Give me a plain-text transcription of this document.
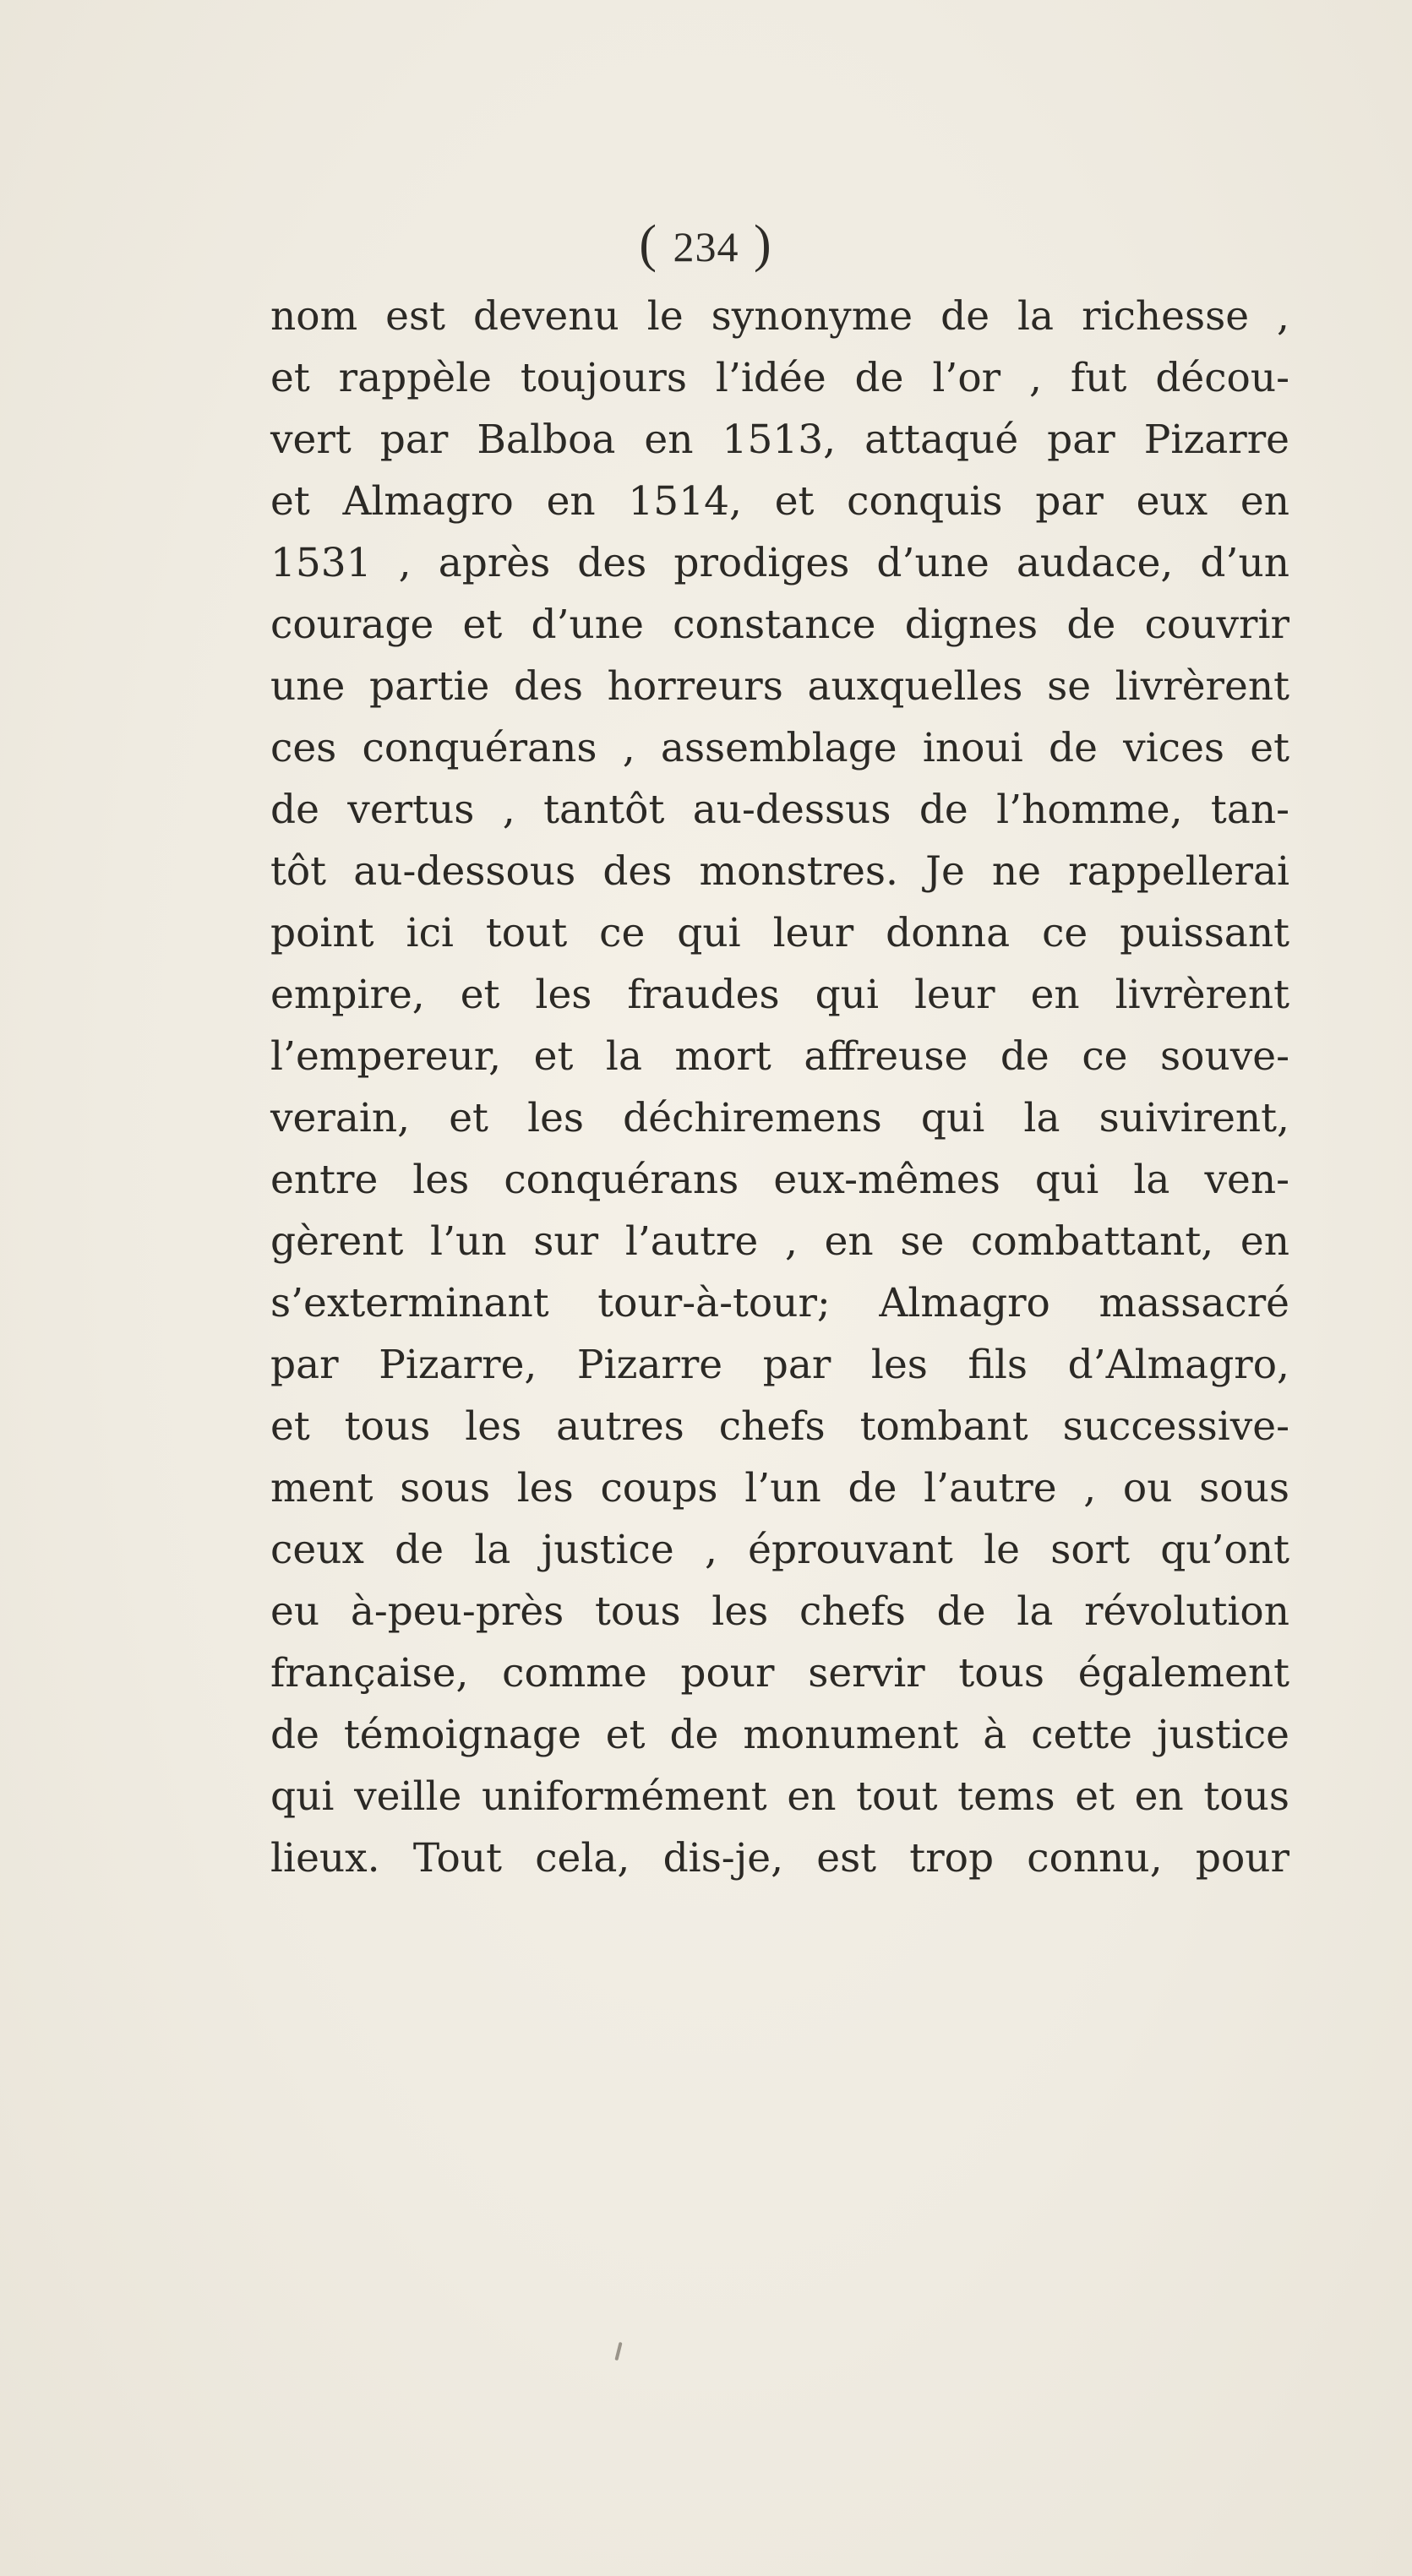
( 234 )
nom est devenu le synonyme de la richesse ,
et rappèle toujours l’idée de l’or , fut décou-
vert par Balboa en 1513, attaqué par Pizarre
et Almagro en 1514, et conquis par eux en
1531 , après des prodiges d’une audace, d’un
courage et d’une constance dignes de couvrir
une partie des horreurs auxquelles se livrèrent
ces conquérans , assemblage inoui de vices et
de vertus , tantôt au-dessus de l’homme, tan-
tôt au-dessous des monstres. Je ne rappellerai
point ici tout ce qui leur donna ce puissant
empire, et les fraudes qui leur en livrèrent
l’empereur, et la mort affreuse de ce souve-
verain, et les déchiremens qui la suivirent,
entre les conquérans eux-mêmes qui la ven-
gèrent l’un sur l’autre , en se combattant, en
s’exterminant tour-à-tour; Almagro massacré
par Pizarre, Pizarre par les fils d’Almagro,
et tous les autres chefs tombant successive-
ment sous les coups l’un de l’autre , ou sous
ceux de la justice , éprouvant le sort qu’ont
eu à-peu-près tous les chefs de la révolution
française, comme pour servir tous également
de témoignage et de monument à cette justice
qui veille uniformément en tout tems et en tous
lieux. Tout cela, dis-je, est trop connu, pour
